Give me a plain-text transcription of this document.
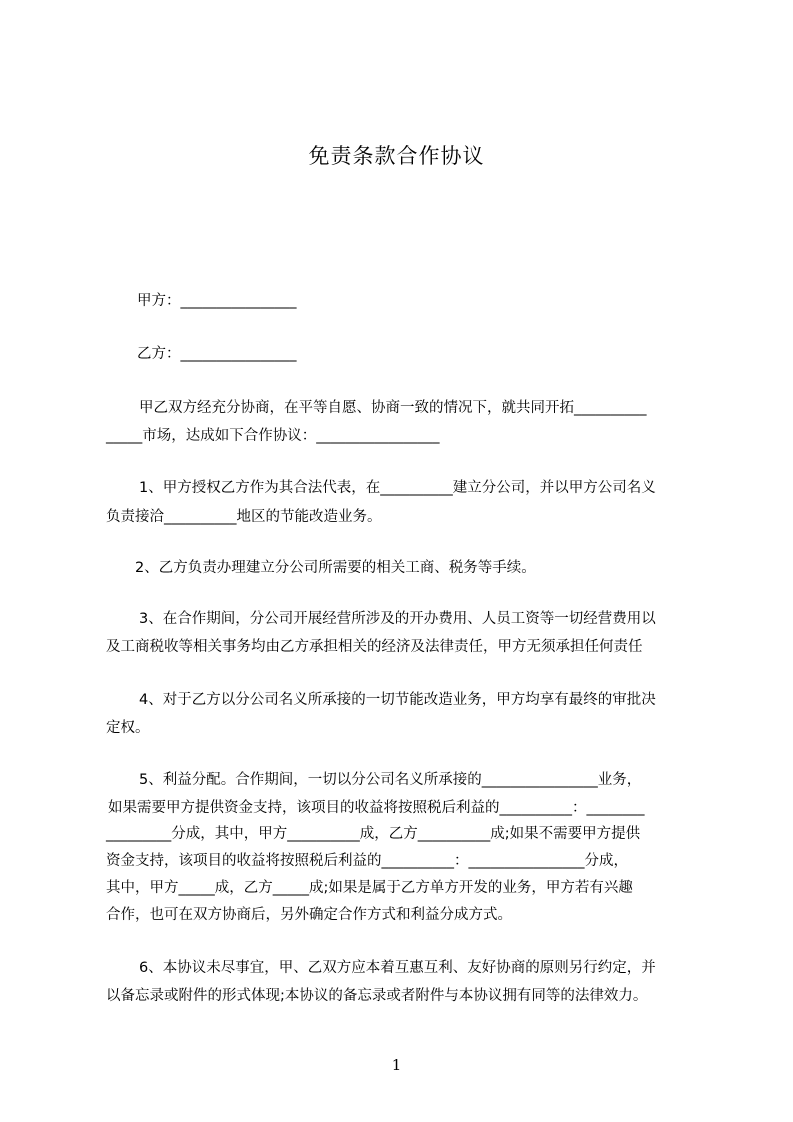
免责条款合作协议
甲方：________________
乙方：________________
甲乙双方经充分协商，在平等自愿、协商一致的情况下，就共同开拓__________
_____市场，达成如下合作协议：_________________
1、甲方授权乙方作为其合法代表，在__________建立分公司，并以甲方公司名义
负责接洽__________地区的节能改造业务。
2、乙方负责办理建立分公司所需要的相关工商、税务等手续。
3、在合作期间，分公司开展经营所涉及的开办费用、人员工资等一切经营费用以
及工商税收等相关事务均由乙方承担相关的经济及法律责任，甲方无须承担任何责任
4、对于乙方以分公司名义所承接的一切节能改造业务，甲方均享有最终的审批决
定权。
5、利益分配。合作期间，一切以分公司名义所承接的________________业务，
如果需要甲方提供资金支持，该项目的收益将按照税后利益的__________：________
_________分成，其中，甲方__________成，乙方__________成;如果不需要甲方提供
资金支持，该项目的收益将按照税后利益的__________：________________分成，
其中，甲方_____成，乙方_____成;如果是属于乙方单方开发的业务，甲方若有兴趣
合作，也可在双方协商后，另外确定合作方式和利益分成方式。
6、本协议未尽事宜，甲、乙双方应本着互惠互利、友好协商的原则另行约定，并
以备忘录或附件的形式体现;本协议的备忘录或者附件与本协议拥有同等的法律效力。
1
